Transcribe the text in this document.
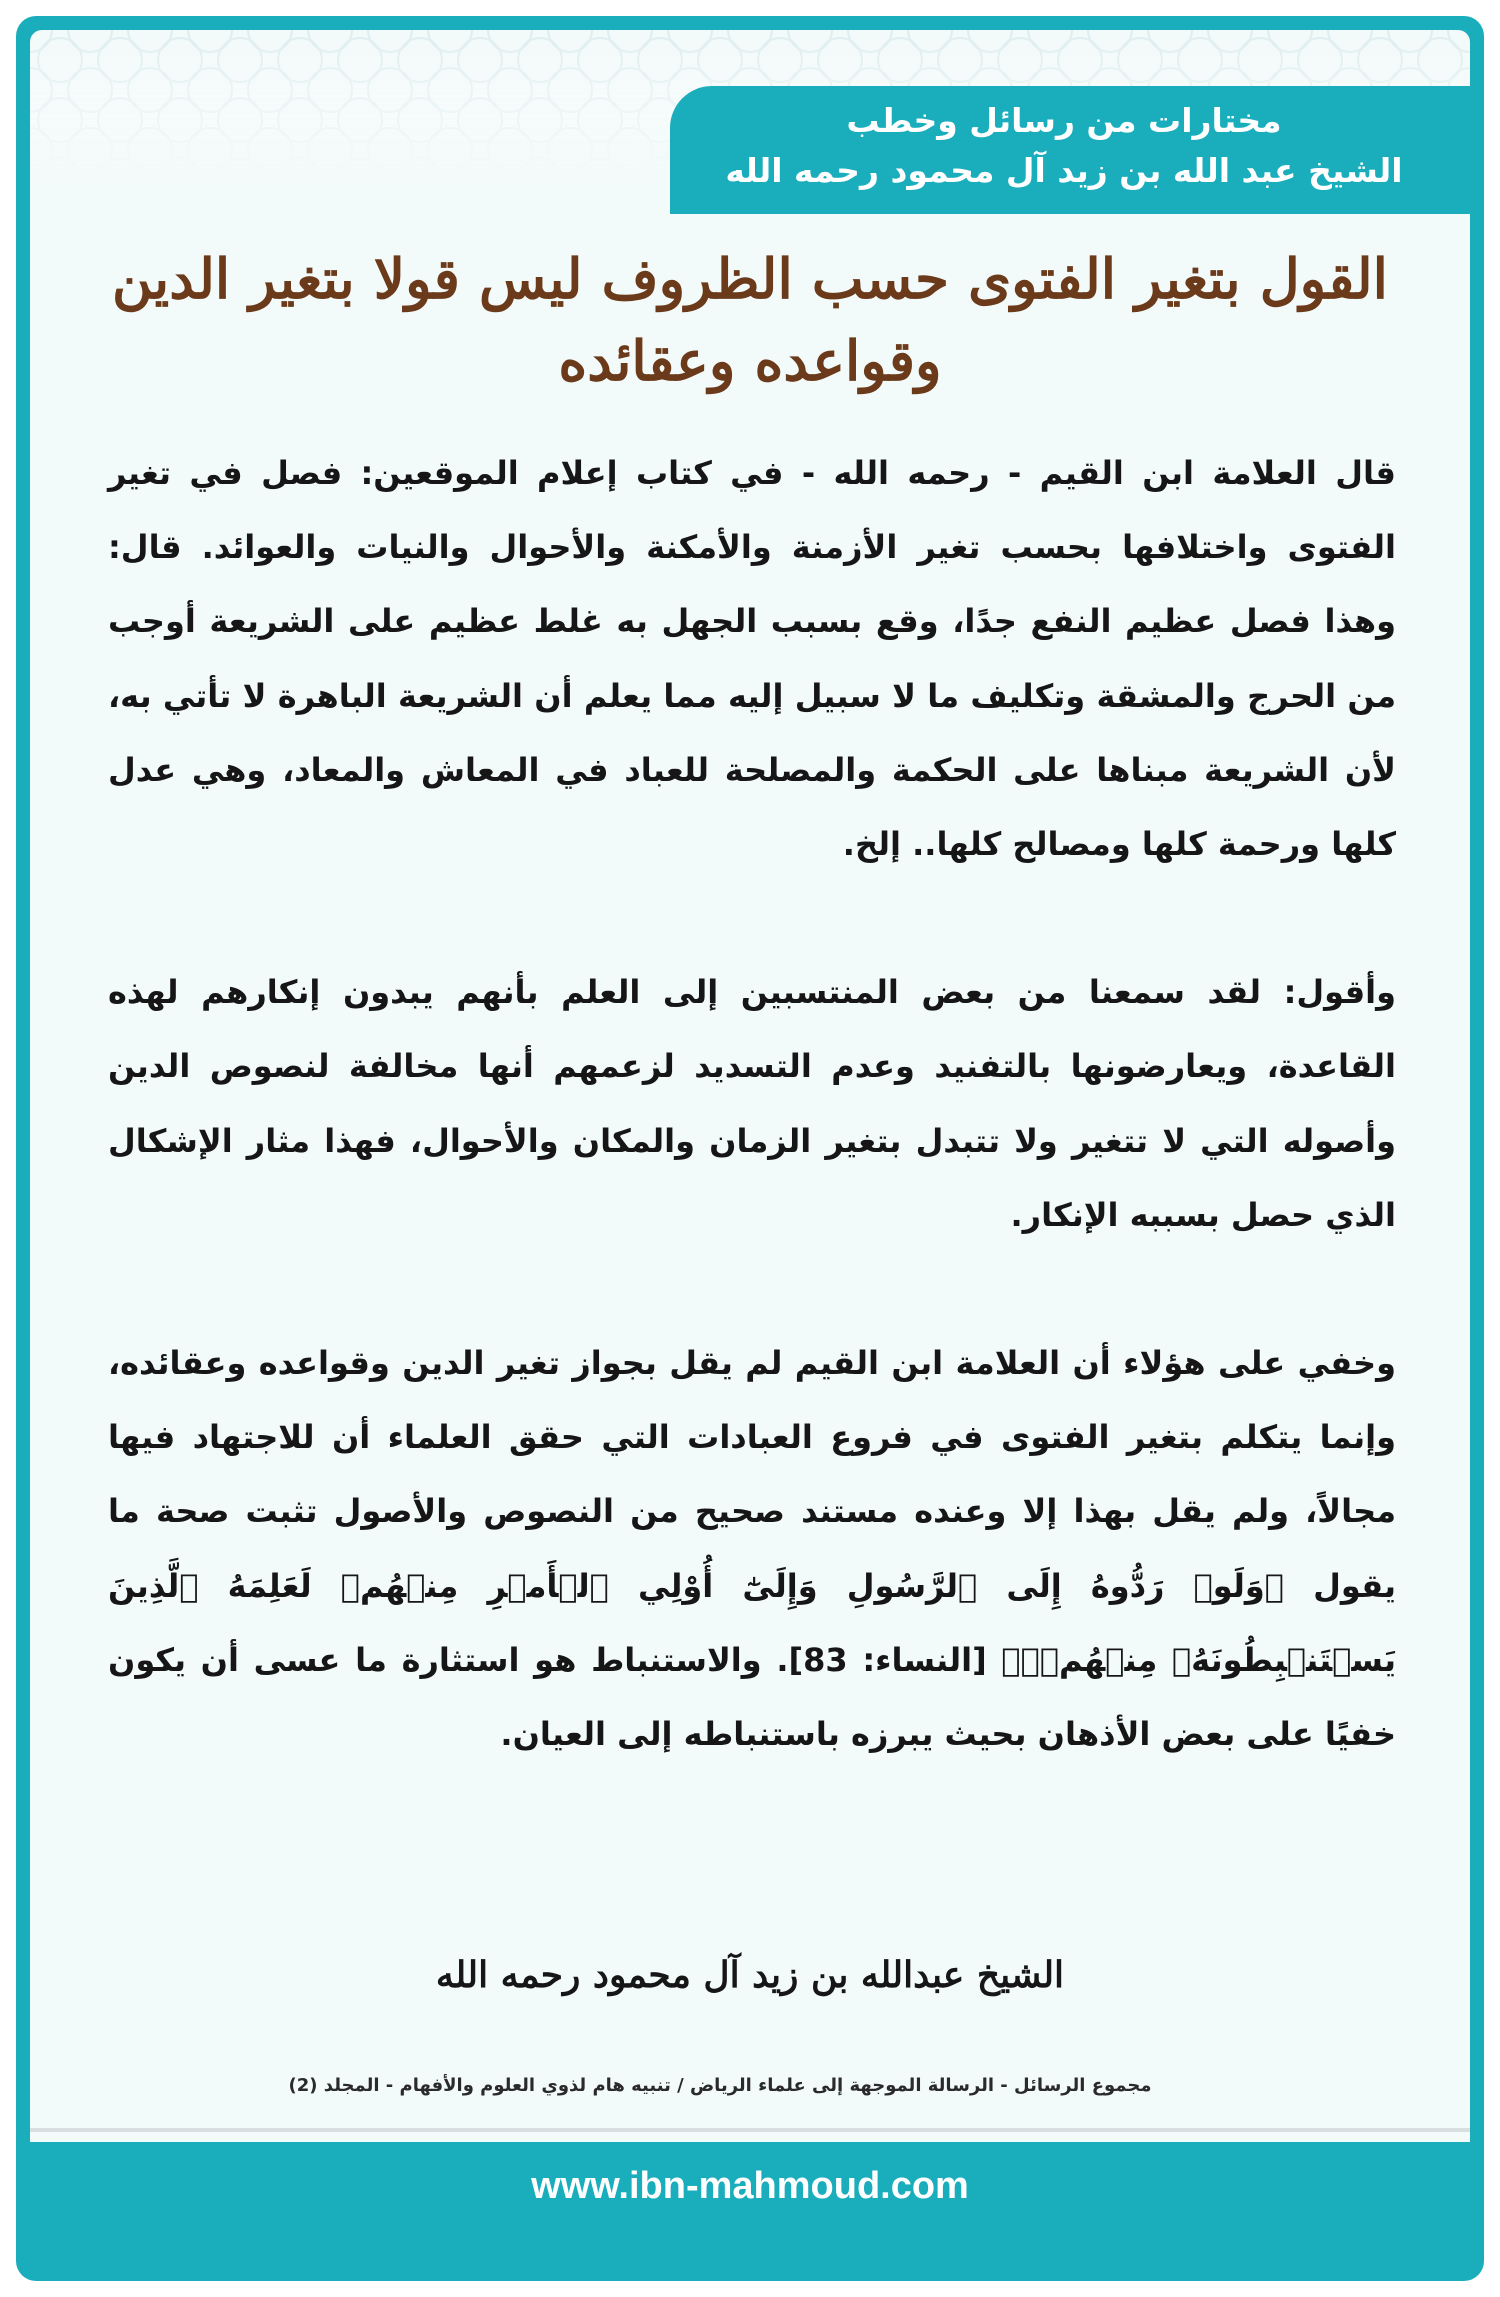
مختارات من رسائل وخطب
الشيخ عبد الله بن زيد آل محمود رحمه الله
القول بتغير الفتوى حسب الظروف ليس قولا بتغير الدين وقواعده وعقائده

قال العلامة ابن القيم - رحمه الله - في كتاب إعلام الموقعين: فصل في تغير الفتوى واختلافها بحسب تغير الأزمنة والأمكنة والأحوال والنيات والعوائد. قال: وهذا فصل عظيم النفع جدًا، وقع بسبب الجهل به غلط عظيم على الشريعة أوجب من الحرج والمشقة وتكليف ما لا سبيل إليه مما يعلم أن الشريعة الباهرة لا تأتي به، لأن الشريعة مبناها على الحكمة والمصلحة للعباد في المعاش والمعاد، وهي عدل كلها ورحمة كلها ومصالح كلها.. إلخ.

وأقول: لقد سمعنا من بعض المنتسبين إلى العلم بأنهم يبدون إنكارهم لهذه القاعدة، ويعارضونها بالتفنيد وعدم التسديد لزعمهم أنها مخالفة لنصوص الدين وأصوله التي لا تتغير ولا تتبدل بتغير الزمان والمكان والأحوال، فهذا مثار الإشكال الذي حصل بسببه الإنكار.

وخفي على هؤلاء أن العلامة ابن القيم لم يقل بجواز تغير الدين وقواعده وعقائده، وإنما يتكلم بتغير الفتوى في فروع العبادات التي حقق العلماء أن للاجتهاد فيها مجالاً، ولم يقل بهذا إلا وعنده مستند صحيح من النصوص والأصول تثبت صحة ما يقول ﴿وَلَوۡ رَدُّوهُ إِلَى ٱلرَّسُولِ وَإِلَىٰٓ أُوْلِي ٱلۡأَمۡرِ مِنۡهُمۡ لَعَلِمَهُ ٱلَّذِينَ يَسۡتَنۢبِطُونَهُۥ مِنۡهُمۡۗ﴾ [النساء: 83]. والاستنباط هو استثارة ما عسى أن يكون خفيًا على بعض الأذهان بحيث يبرزه باستنباطه إلى العيان.

الشيخ عبدالله بن زيد آل محمود رحمه الله
مجموع الرسائل - الرسالة الموجهة إلى علماء الرياض / تنبيه هام لذوي العلوم والأفهام - المجلد (2)
www.ibn-mahmoud.com
